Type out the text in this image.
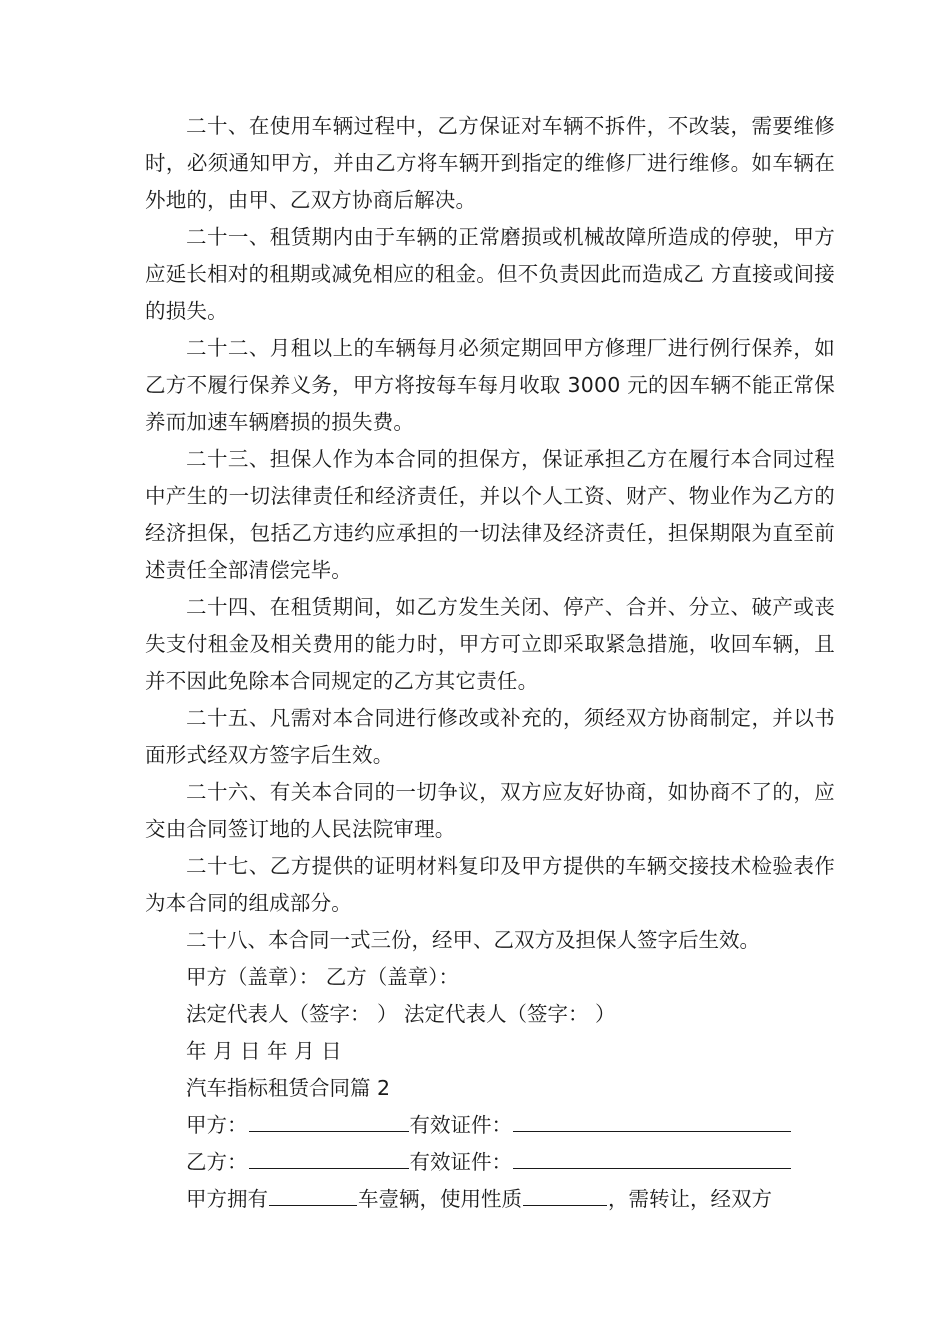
二十、在使用车辆过程中，乙方保证对车辆不拆件，不改装，需要维修时，必须通知甲方，并由乙方将车辆开到指定的维修厂进行维修。如车辆在外地的，由甲、乙双方协商后解决。

二十一、租赁期内由于车辆的正常磨损或机械故障所造成的停驶，甲方应延长相对的租期或减免相应的租金。但不负责因此而造成乙 方直接或间接的损失。

二十二、月租以上的车辆每月必须定期回甲方修理厂进行例行保养，如乙方不履行保养义务，甲方将按每车每月收取 3000 元的因车辆不能正常保养而加速车辆磨损的损失费。

二十三、担保人作为本合同的担保方，保证承担乙方在履行本合同过程中产生的一切法律责任和经济责任，并以个人工资、财产、物业作为乙方的经济担保，包括乙方违约应承担的一切法律及经济责任，担保期限为直至前述责任全部清偿完毕。

二十四、在租赁期间，如乙方发生关闭、停产、合并、分立、破产或丧失支付租金及相关费用的能力时，甲方可立即采取紧急措施，收回车辆，且并不因此免除本合同规定的乙方其它责任。

二十五、凡需对本合同进行修改或补充的，须经双方协商制定，并以书面形式经双方签字后生效。

二十六、有关本合同的一切争议，双方应友好协商，如协商不了的，应交由合同签订地的人民法院审理。

二十七、乙方提供的证明材料复印及甲方提供的车辆交接技术检验表作为本合同的组成部分。

二十八、本合同一式三份，经甲、乙双方及担保人签字后生效。

甲方（盖章）： 乙方（盖章）：

法定代表人（签字： ） 法定代表人（签字： ）

年 月 日 年 月 日

汽车指标租赁合同篇 2

甲方：	有效证件：

乙方：	有效证件：

甲方拥有	车壹辆，使用性质	，需转让，经双方
